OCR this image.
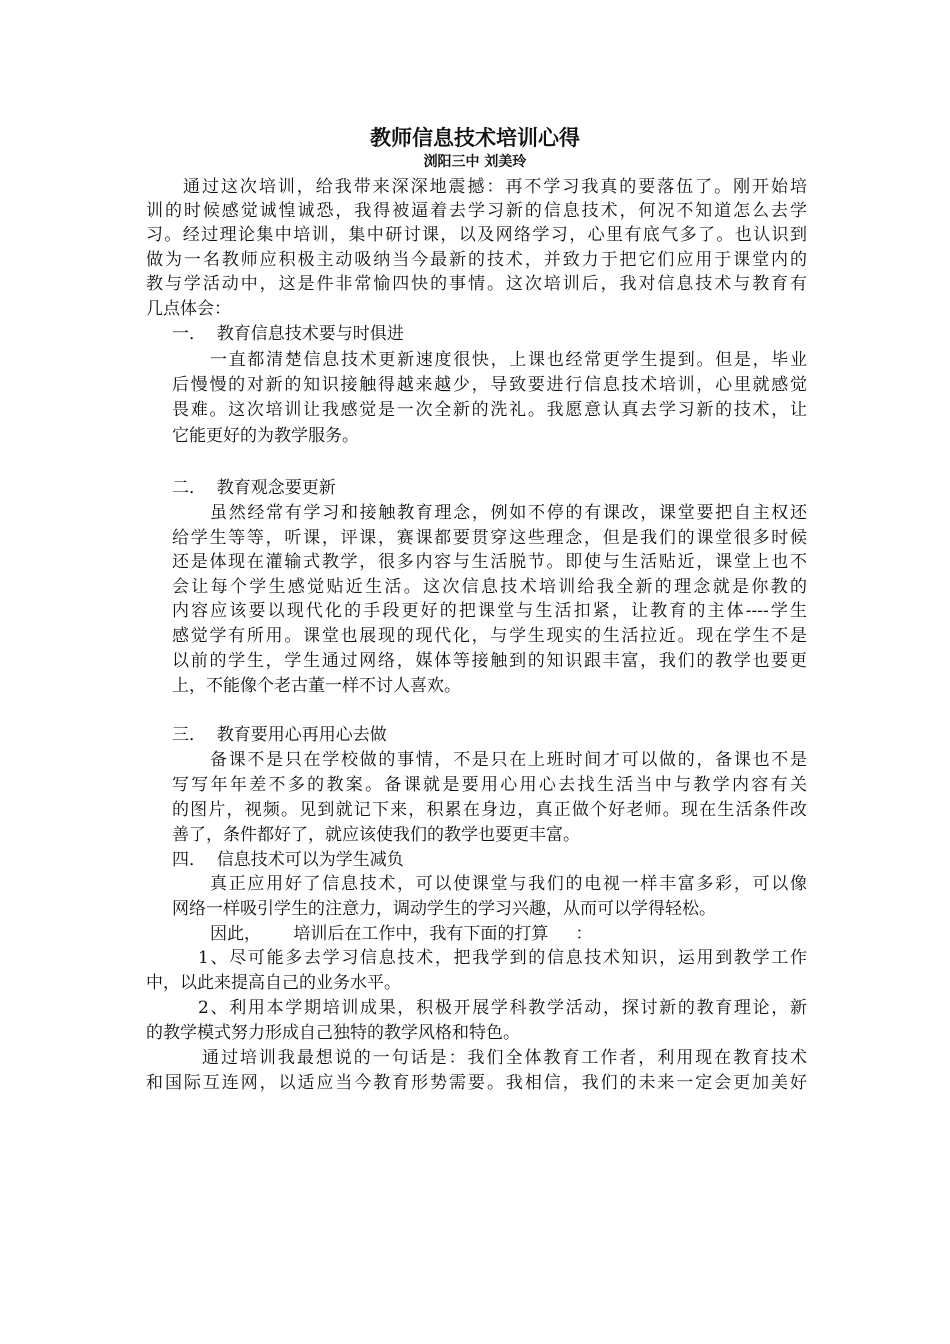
教师信息技术培训心得
浏阳三中 刘美玲
通过这次培训，给我带来深深地震撼：再不学习我真的要落伍了。刚开始培
训的时候感觉诚惶诚恐，我得被逼着去学习新的信息技术，何况不知道怎么去学
习。经过理论集中培训，集中研讨课，以及网络学习，心里有底气多了。也认识到
做为一名教师应积极主动吸纳当今最新的技术，并致力于把它们应用于课堂内的
教与学活动中，这是件非常愉四快的事情。这次培训后，我对信息技术与教育有
几点体会：
一．  教育信息技术要与时俱进
一直都清楚信息技术更新速度很快，上课也经常更学生提到。但是，毕业
后慢慢的对新的知识接触得越来越少，导致要进行信息技术培训，心里就感觉
畏难。这次培训让我感觉是一次全新的洗礼。我愿意认真去学习新的技术，让
它能更好的为教学服务。
二．  教育观念要更新
虽然经常有学习和接触教育理念，例如不停的有课改，课堂要把自主权还
给学生等等，听课，评课，赛课都要贯穿这些理念，但是我们的课堂很多时候
还是体现在灌输式教学，很多内容与生活脱节。即使与生活贴近，课堂上也不
会让每个学生感觉贴近生活。这次信息技术培训给我全新的理念就是你教的
内容应该要以现代化的手段更好的把课堂与生活扣紧，让教育的主体----学生
感觉学有所用。课堂也展现的现代化，与学生现实的生活拉近。现在学生不是
以前的学生，学生通过网络，媒体等接触到的知识跟丰富，我们的教学也要更
上，不能像个老古董一样不讨人喜欢。
三．  教育要用心再用心去做
备课不是只在学校做的事情，不是只在上班时间才可以做的，备课也不是
写写年年差不多的教案。备课就是要用心用心去找生活当中与教学内容有关
的图片，视频。见到就记下来，积累在身边，真正做个好老师。现在生活条件改
善了，条件都好了，就应该使我们的教学也要更丰富。
四．  信息技术可以为学生减负
真正应用好了信息技术，可以使课堂与我们的电视一样丰富多彩，可以像
网络一样吸引学生的注意力，调动学生的学习兴趣，从而可以学得轻松。
因此，      培训后在工作中，我有下面的打算     ：
1、尽可能多去学习信息技术，把我学到的信息技术知识，运用到教学工作
中，以此来提高自己的业务水平。
2、利用本学期培训成果，积极开展学科教学活动，探讨新的教育理论，新
的教学模式努力形成自己独特的教学风格和特色。
通过培训我最想说的一句话是：我们全体教育工作者，利用现在教育技术
和国际互连网，以适应当今教育形势需要。我相信，我们的未来一定会更加美好
